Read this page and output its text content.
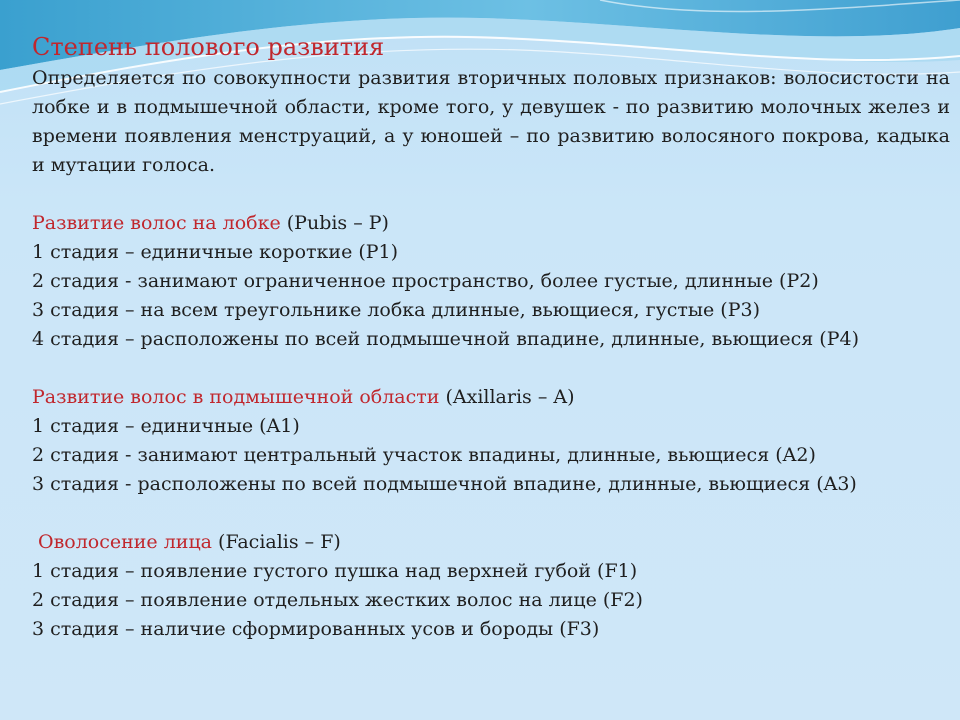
Степень полового развития

Определяется по совокупности развития вторичных половых признаков: волосистости на лобке и в подмышечной области, кроме того, у девушек - по развитию молочных желез и времени появления менструаций, а у юношей – по развитию волосяного покрова, кадыка и мутации голоса.

Развитие волос на лобке (Pubis – P)

1 стадия – единичные короткие (P1)

2 стадия - занимают ограниченное пространство, более густые, длинные (P2)

3 стадия – на всем треугольнике лобка длинные, вьющиеся, густые (P3)

4 стадия – расположены по всей подмышечной впадине, длинные, вьющиеся (P4)

Развитие волос в подмышечной области (Axillaris – A)

1 стадия – единичные (A1)

2 стадия - занимают центральный участок впадины, длинные, вьющиеся (A2)

3 стадия - расположены по всей подмышечной впадине, длинные, вьющиеся (A3)

Оволосение лица (Facialis – F)

1 стадия – появление густого пушка над верхней губой (F1)

2 стадия – появление отдельных жестких волос на лице (F2)

3 стадия – наличие сформированных усов и бороды (F3)
